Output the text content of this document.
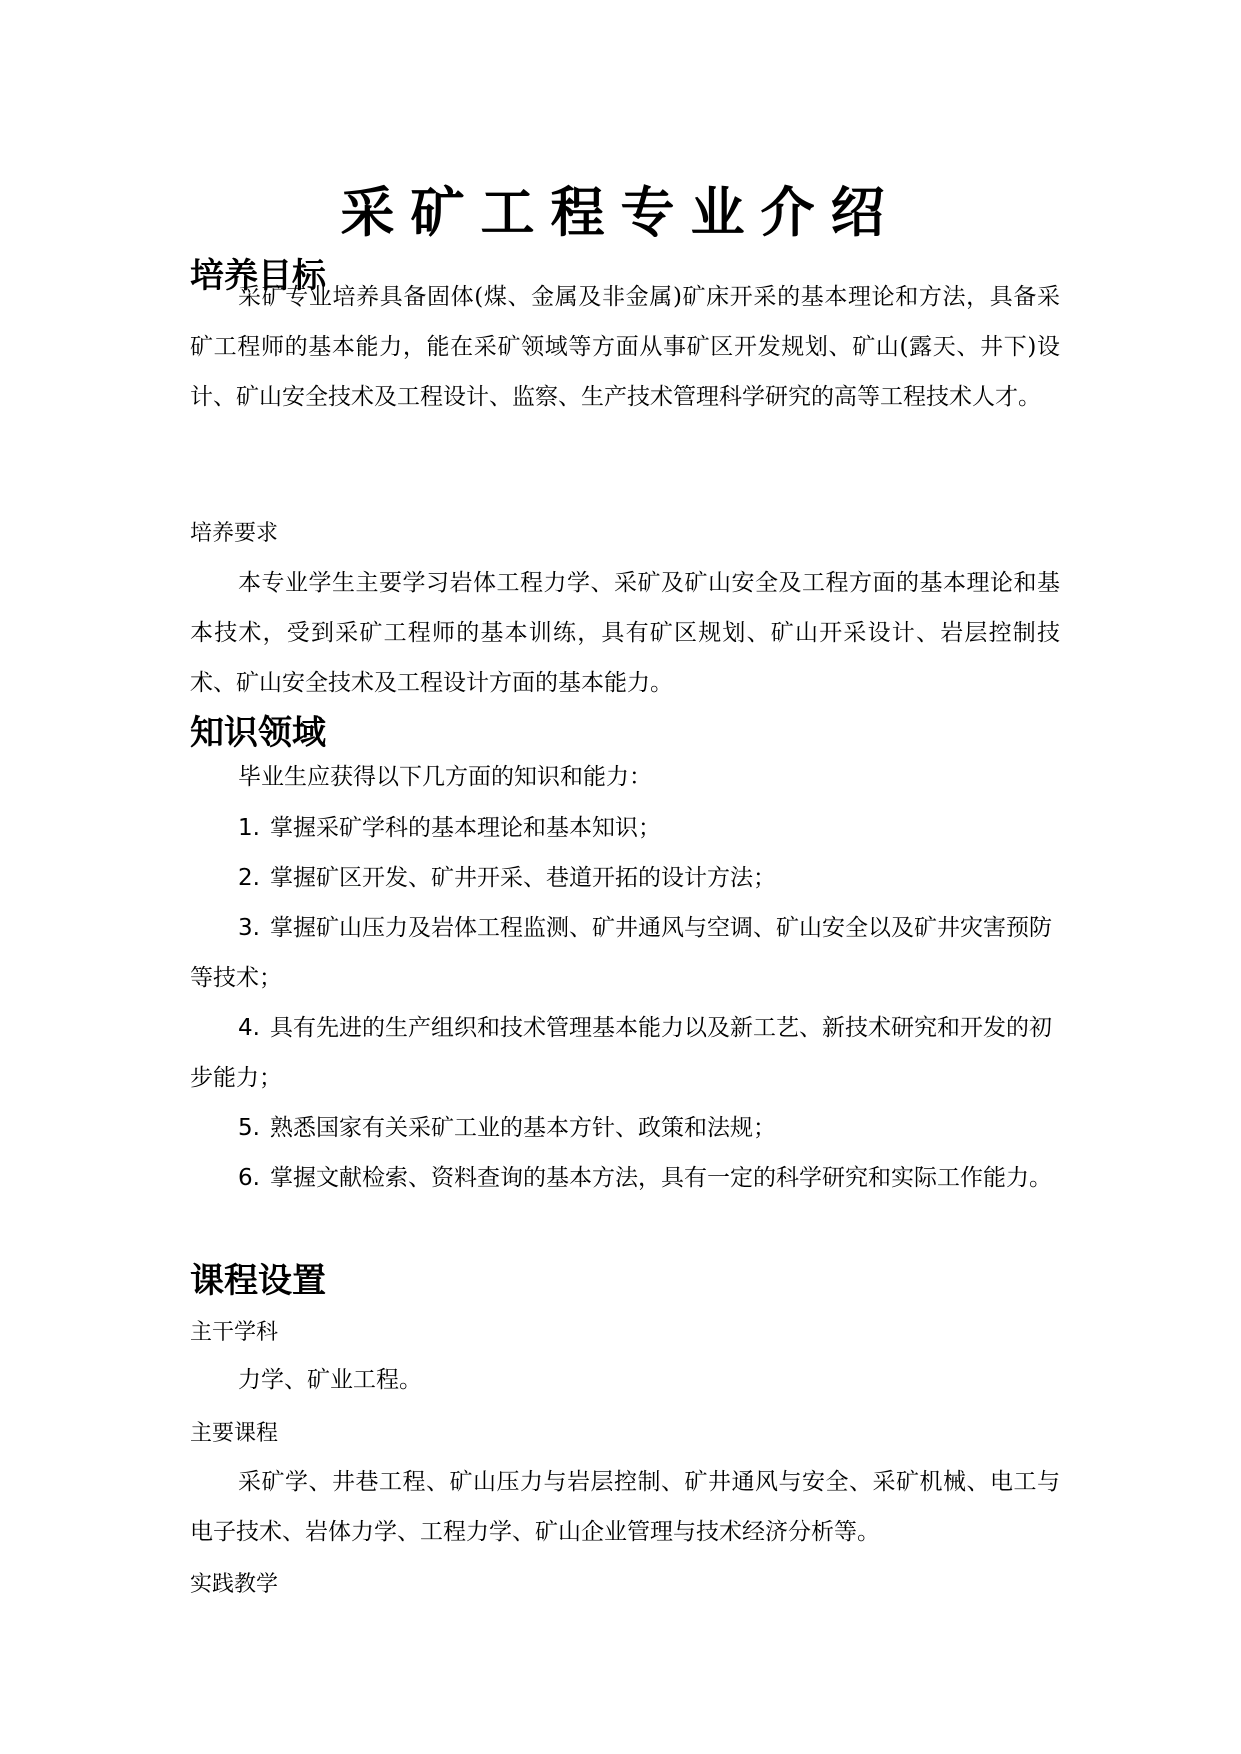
采矿工程专业介绍
培养目标

采矿专业培养具备固体(煤、金属及非金属)矿床开采的基本理论和方法，具备采矿工程师的基本能力，能在采矿领域等方面从事矿区开发规划、矿山(露天、井下)设计、矿山安全技术及工程设计、监察、生产技术管理科学研究的高等工程技术人才。

培养要求

本专业学生主要学习岩体工程力学、采矿及矿山安全及工程方面的基本理论和基本技术，受到采矿工程师的基本训练，具有矿区规划、矿山开采设计、岩层控制技术、矿山安全技术及工程设计方面的基本能力。

知识领域

毕业生应获得以下几方面的知识和能力：

1. 掌握采矿学科的基本理论和基本知识；

2. 掌握矿区开发、矿井开采、巷道开拓的设计方法；

3. 掌握矿山压力及岩体工程监测、矿井通风与空调、矿山安全以及矿井灾害预防等技术；

4. 具有先进的生产组织和技术管理基本能力以及新工艺、新技术研究和开发的初步能力；

5. 熟悉国家有关采矿工业的基本方针、政策和法规；

6. 掌握文献检索、资料查询的基本方法，具有一定的科学研究和实际工作能力。

课程设置
主干学科

力学、矿业工程。

主要课程

采矿学、井巷工程、矿山压力与岩层控制、矿井通风与安全、采矿机械、电工与电子技术、岩体力学、工程力学、矿山企业管理与技术经济分析等。

实践教学
